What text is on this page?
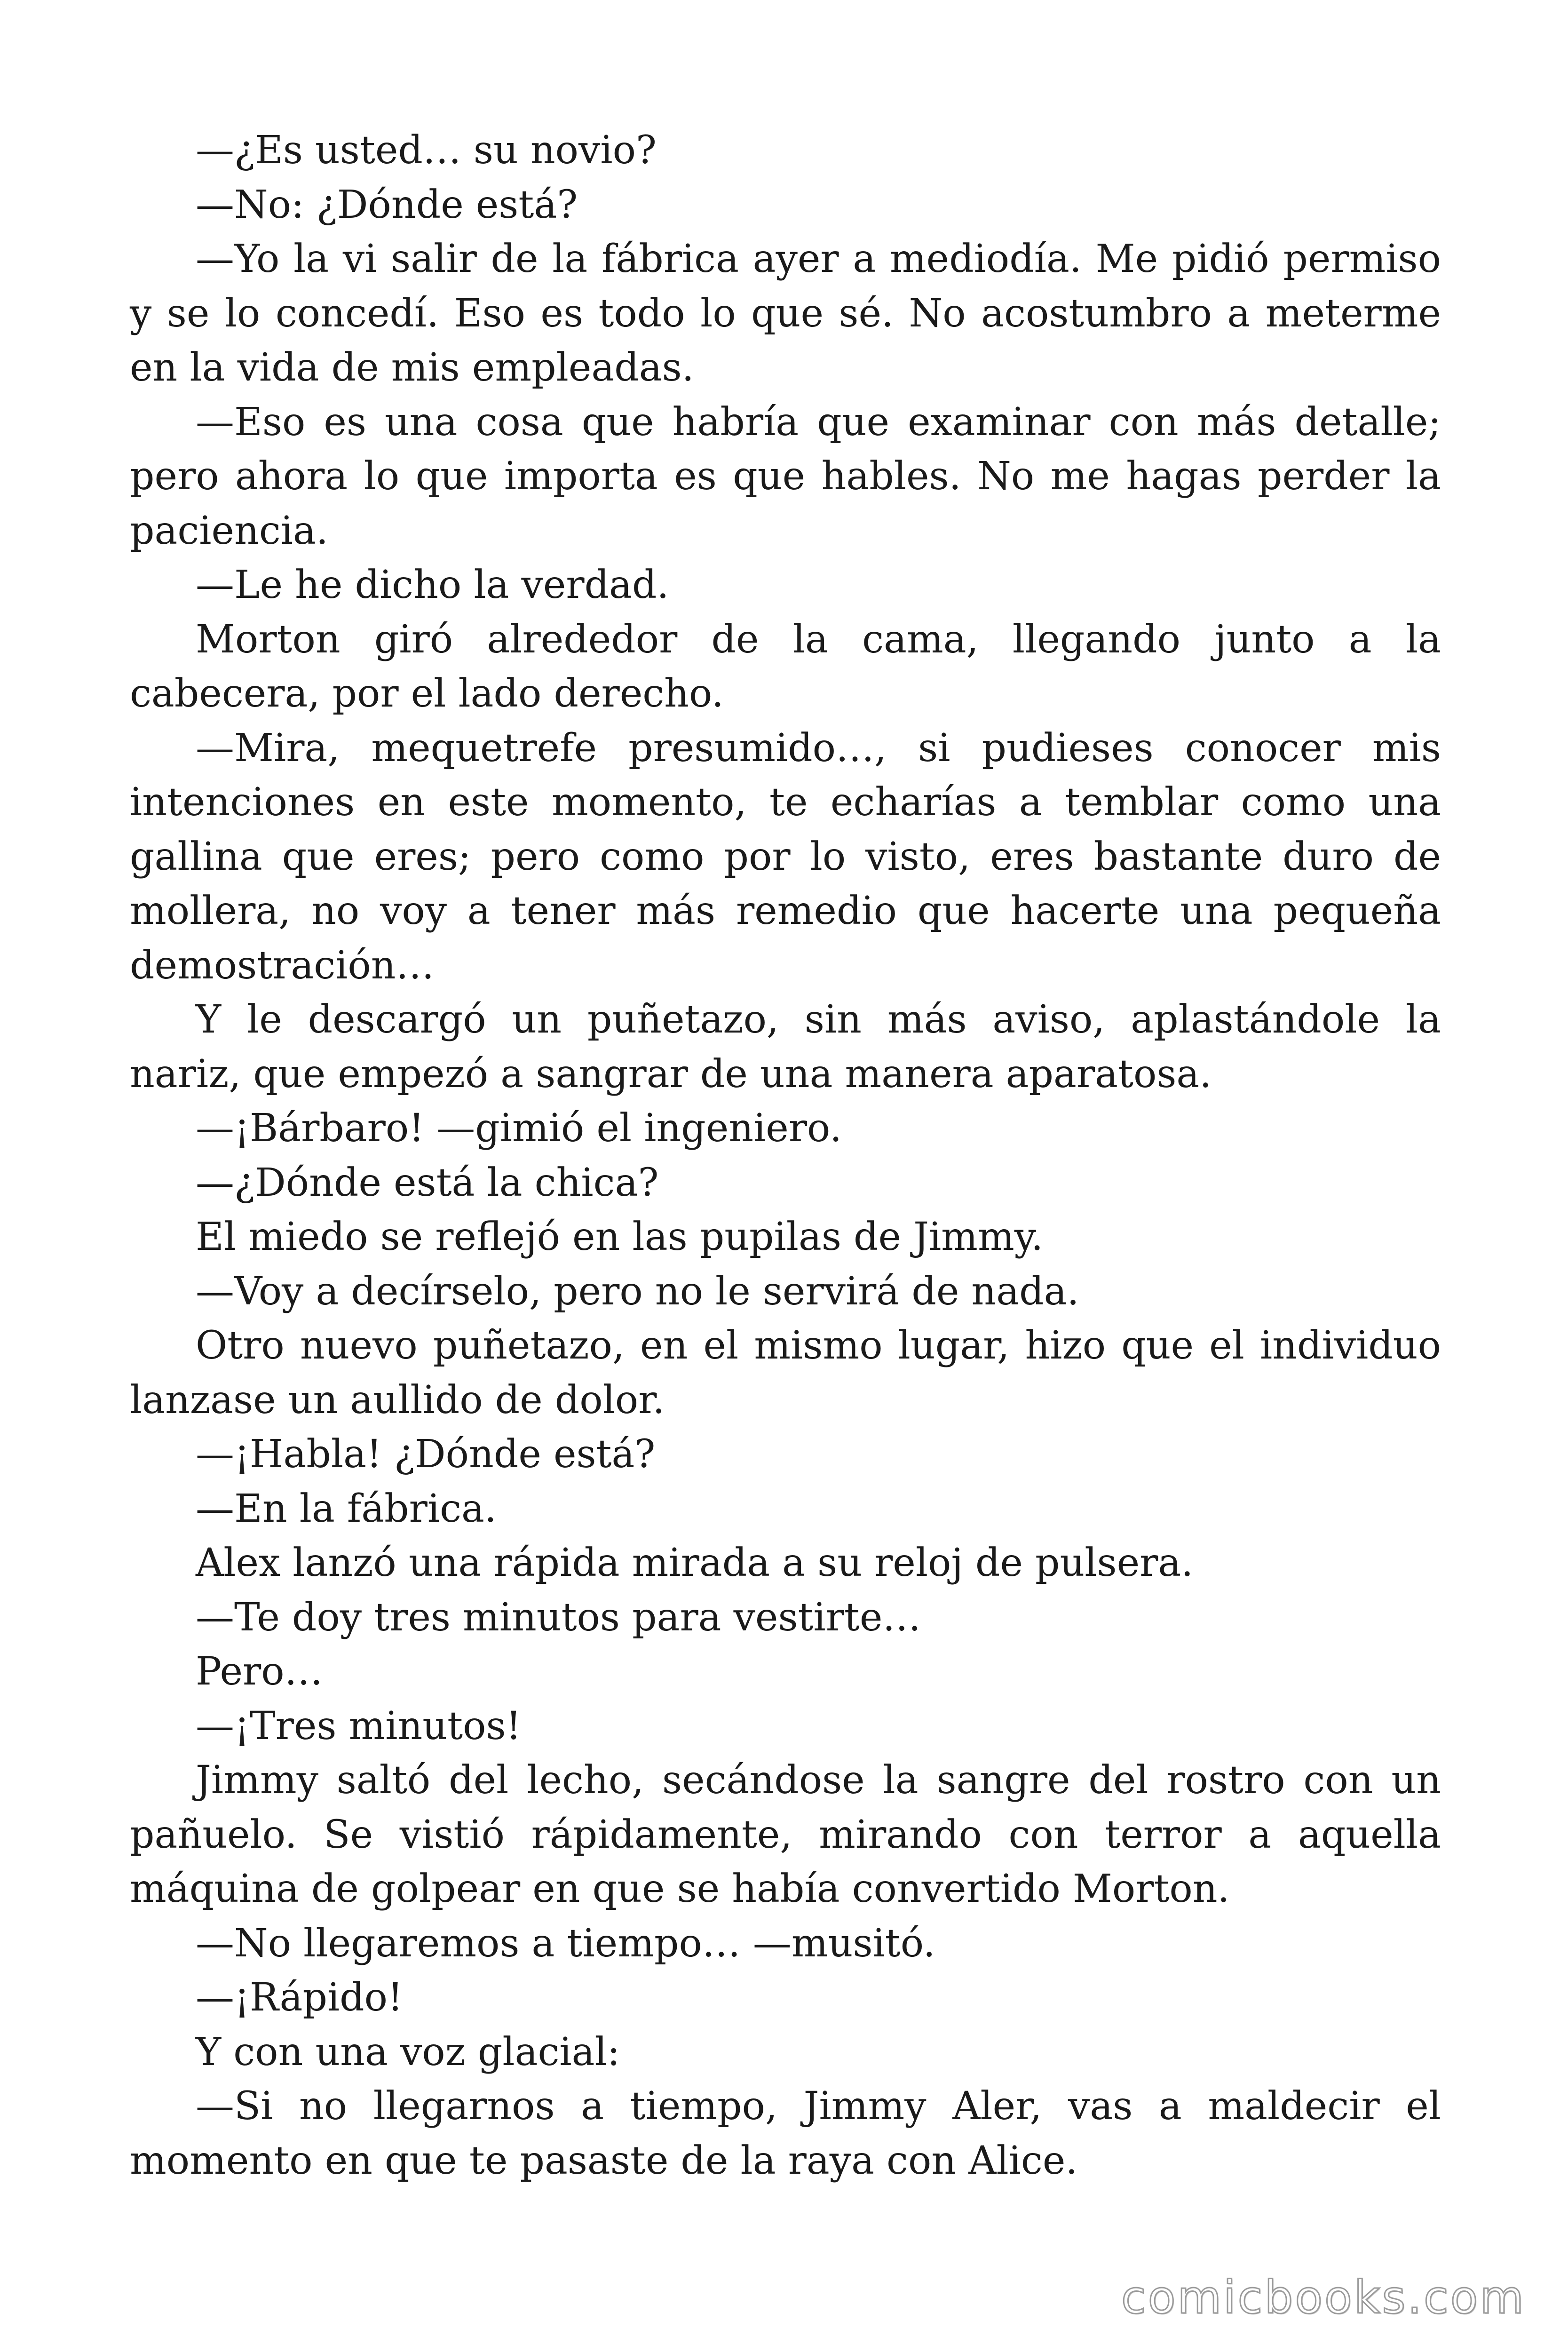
—¿Es usted… su novio?

—No: ¿Dónde está?

—Yo la vi salir de la fábrica ayer a mediodía. Me pidió permiso y se lo concedí. Eso es todo lo que sé. No acostumbro a meterme en la vida de mis empleadas.

—Eso es una cosa que habría que examinar con más detalle; pero ahora lo que importa es que hables. No me hagas perder la paciencia.

—Le he dicho la verdad.

Morton giró alrededor de la cama, llegando junto a la cabecera, por el lado derecho.

—Mira, mequetrefe presumido…, si pudieses conocer mis intenciones en este momento, te echarías a temblar como una gallina que eres; pero como por lo visto, eres bastante duro de mollera, no voy a tener más remedio que hacerte una pequeña demostración…

Y le descargó un puñetazo, sin más aviso, aplastándole la nariz, que empezó a sangrar de una manera aparatosa.

—¡Bárbaro! —gimió el ingeniero.

—¿Dónde está la chica?

El miedo se reflejó en las pupilas de Jimmy.

—Voy a decírselo, pero no le servirá de nada.

Otro nuevo puñetazo, en el mismo lugar, hizo que el individuo lanzase un aullido de dolor.

—¡Habla! ¿Dónde está?

—En la fábrica.

Alex lanzó una rápida mirada a su reloj de pulsera.

—Te doy tres minutos para vestirte…

Pero…

—¡Tres minutos!

Jimmy saltó del lecho, secándose la sangre del rostro con un pañuelo. Se vistió rápidamente, mirando con terror a aquella máquina de golpear en que se había convertido Morton.

—No llegaremos a tiempo… —musitó.

—¡Rápido!

Y con una voz glacial:

—Si no llegarnos a tiempo, Jimmy Aler, vas a maldecir el momento en que te pasaste de la raya con Alice.

comicbooks.com
